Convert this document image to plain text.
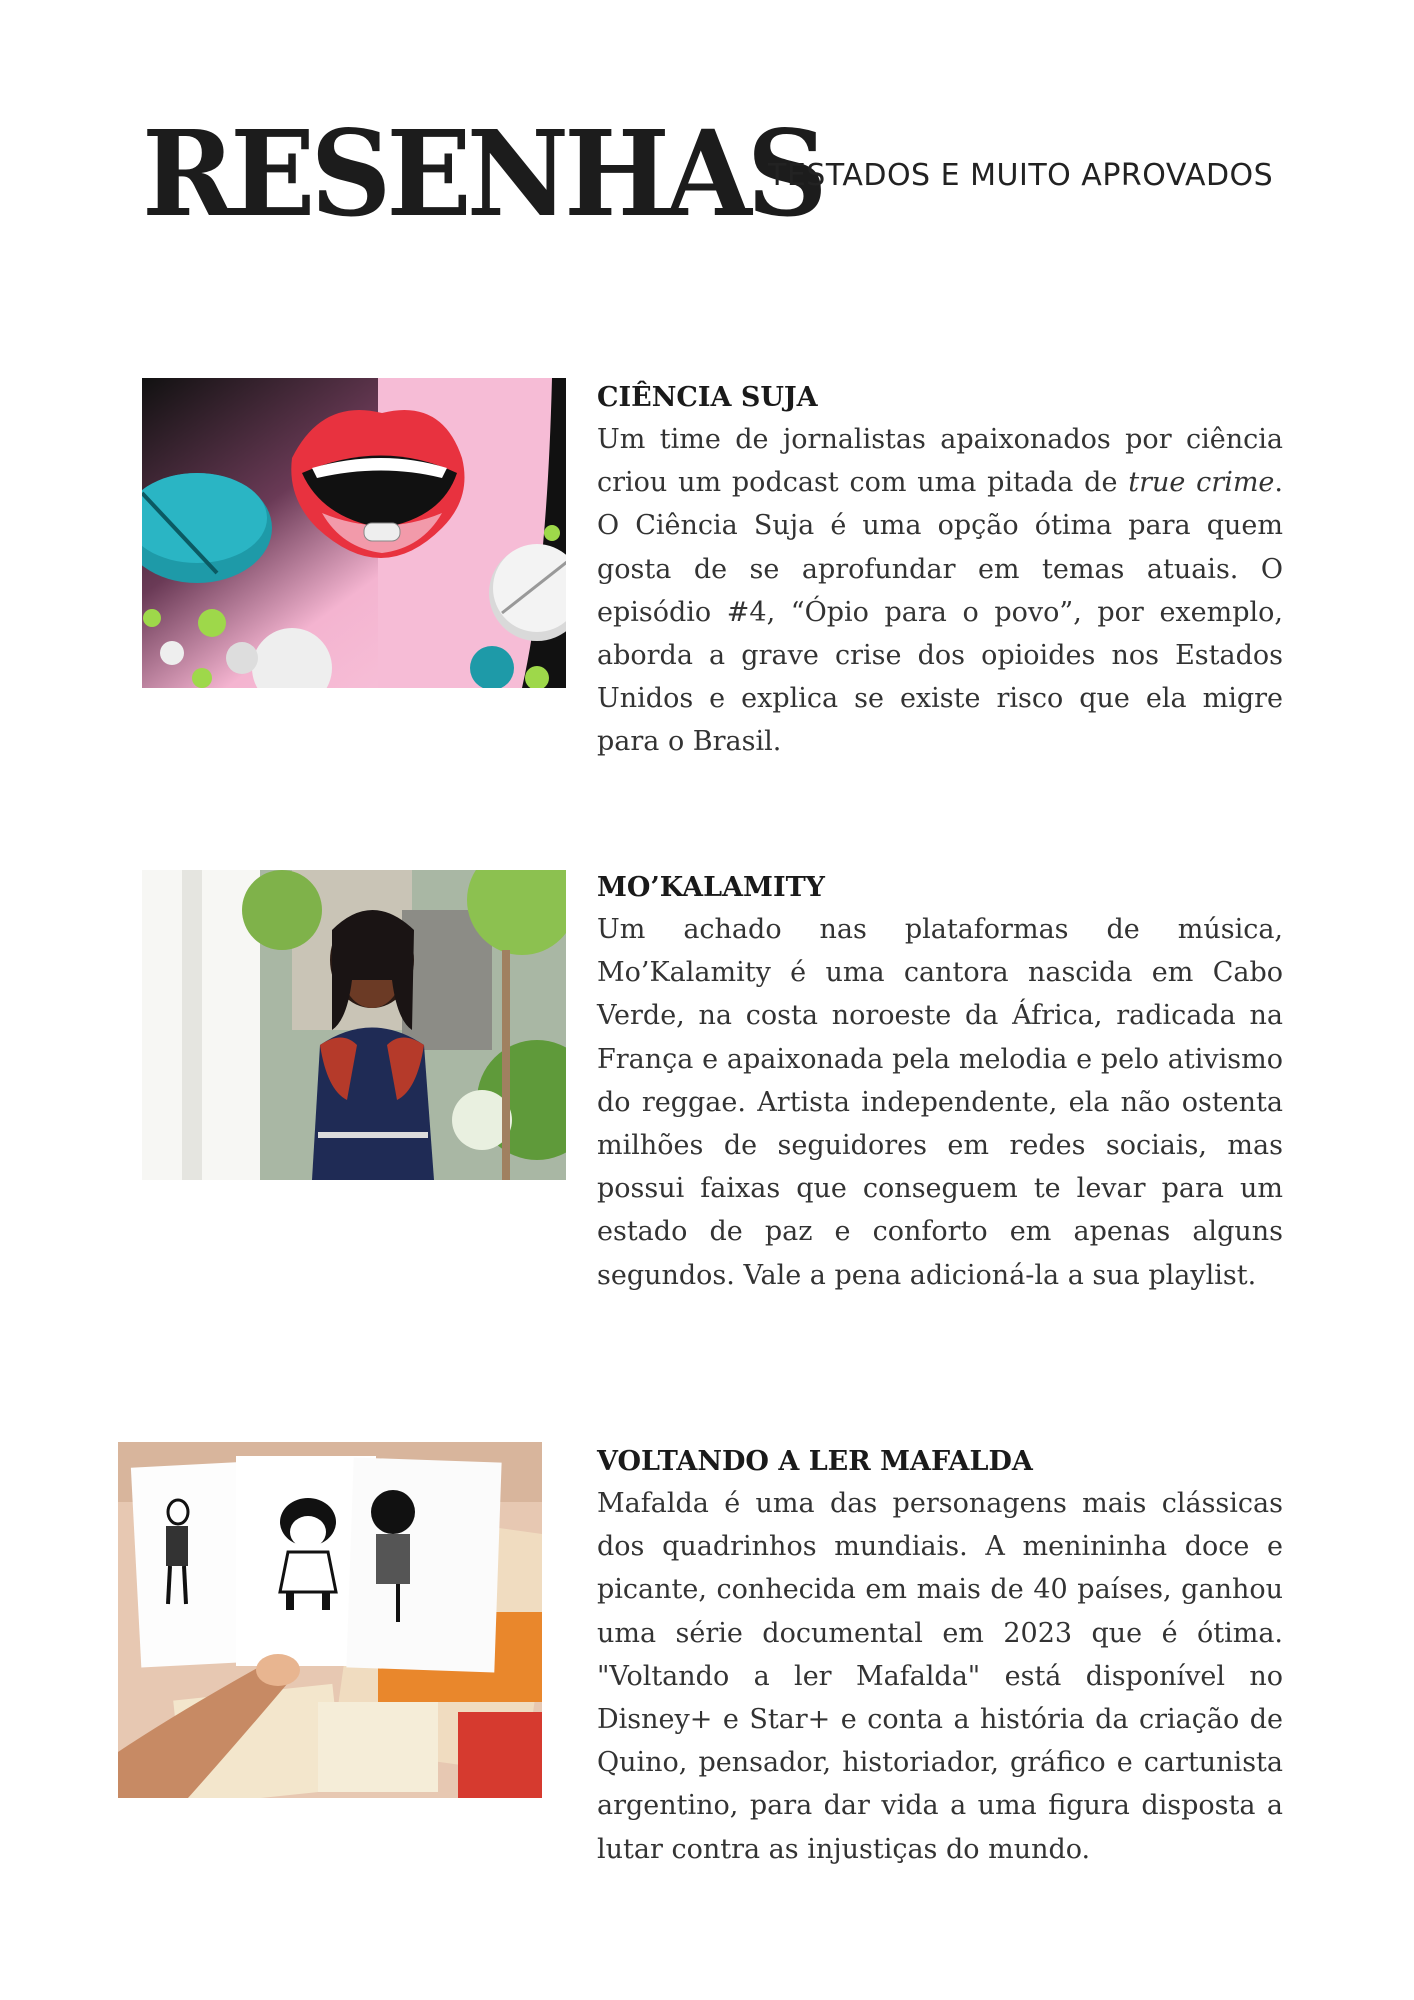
RESENHAS
TESTADOS E MUITO APROVADOS

CIÊNCIA SUJA

Um time de jornalistas apaixonados por ciência criou um podcast com uma pitada de true crime. O Ciência Suja é uma opção ótima para quem gosta de se aprofundar em temas atuais. O episódio #4, “Ópio para o povo”, por exemplo, aborda a grave crise dos opioides nos Estados Unidos e explica se existe risco que ela migre para o Brasil.

MO’KALAMITY

Um achado nas plataformas de música, Mo’Kalamity é uma cantora nascida em Cabo Verde, na costa noroeste da África, radicada na França e apaixonada pela melodia e pelo ativismo do reggae. Artista independente, ela não ostenta milhões de seguidores em redes sociais, mas possui faixas que conseguem te levar para um estado de paz e conforto em apenas alguns segundos. Vale a pena adicioná-la a sua playlist.

VOLTANDO A LER MAFALDA

Mafalda é uma das personagens mais clássicas dos quadrinhos mundiais. A menininha doce e picante, conhecida em mais de 40 países, ganhou uma série documental em 2023 que é ótima. "Voltando a ler Mafalda" está disponível no Disney+ e Star+ e conta a história da criação de Quino, pensador, historiador, gráfico e cartunista argentino, para dar vida a uma figura disposta a lutar contra as injustiças do mundo.
